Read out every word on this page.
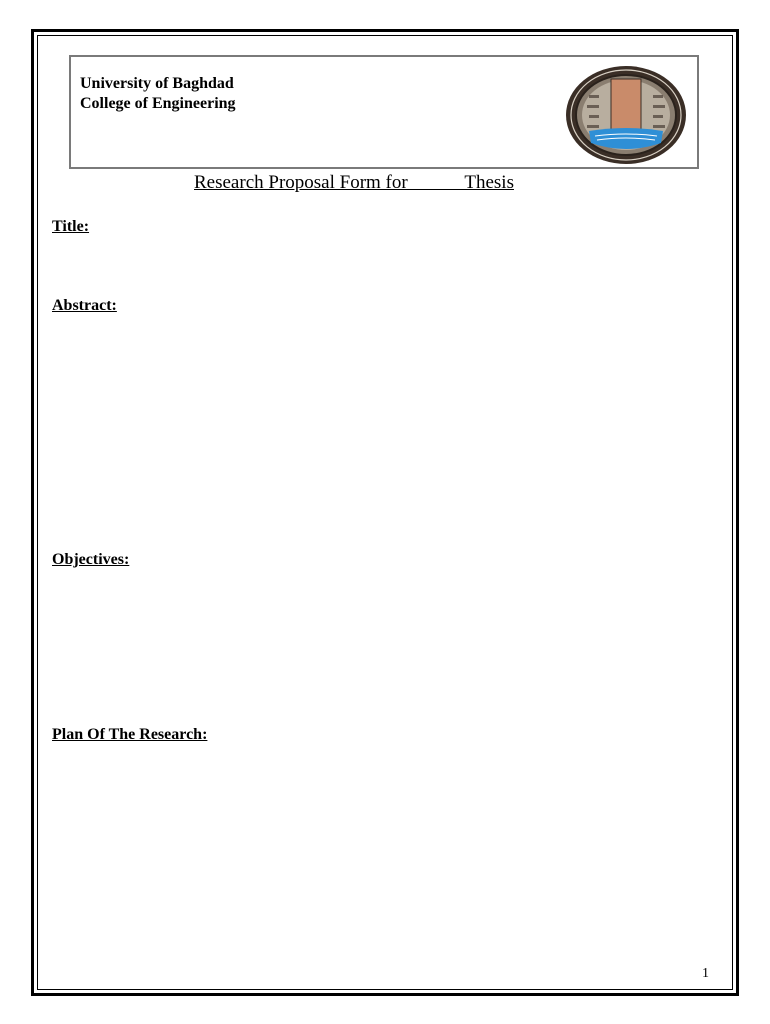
University of Baghdad
College of Engineering
Research Proposal Form for            Thesis
Title:
Abstract:
Objectives:
Plan Of The Research:
1
